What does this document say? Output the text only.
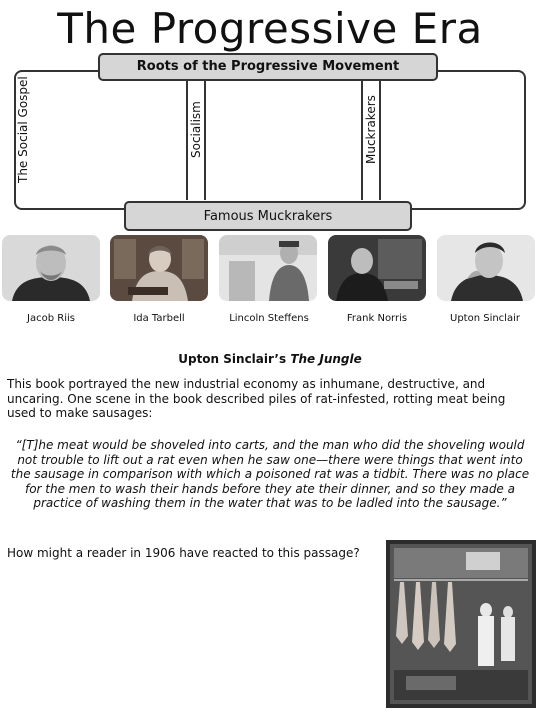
The Progressive Era
The Social Gospel	Socialism	Muckrakers
Roots of the Progressive Movement
Famous Muckrakers
Jacob Riis	Ida Tarbell	Lincoln Steffens	Frank Norris	Upton Sinclair
Upton Sinclair’s The Jungle
This book portrayed the new industrial economy as inhumane, destructive, and uncaring. One scene in the book described piles of rat-infested, rotting meat being used to make sausages:
“[T]he meat would be shoveled into carts, and the man who did the shoveling would not trouble to lift out a rat even when he saw one—there were things that went into the sausage in comparison with which a poisoned rat was a tidbit. There was no place for the men to wash their hands before they ate their dinner, and so they made a practice of washing them in the water that was to be ladled into the sausage.”
How might a reader in 1906 have reacted to this passage?
